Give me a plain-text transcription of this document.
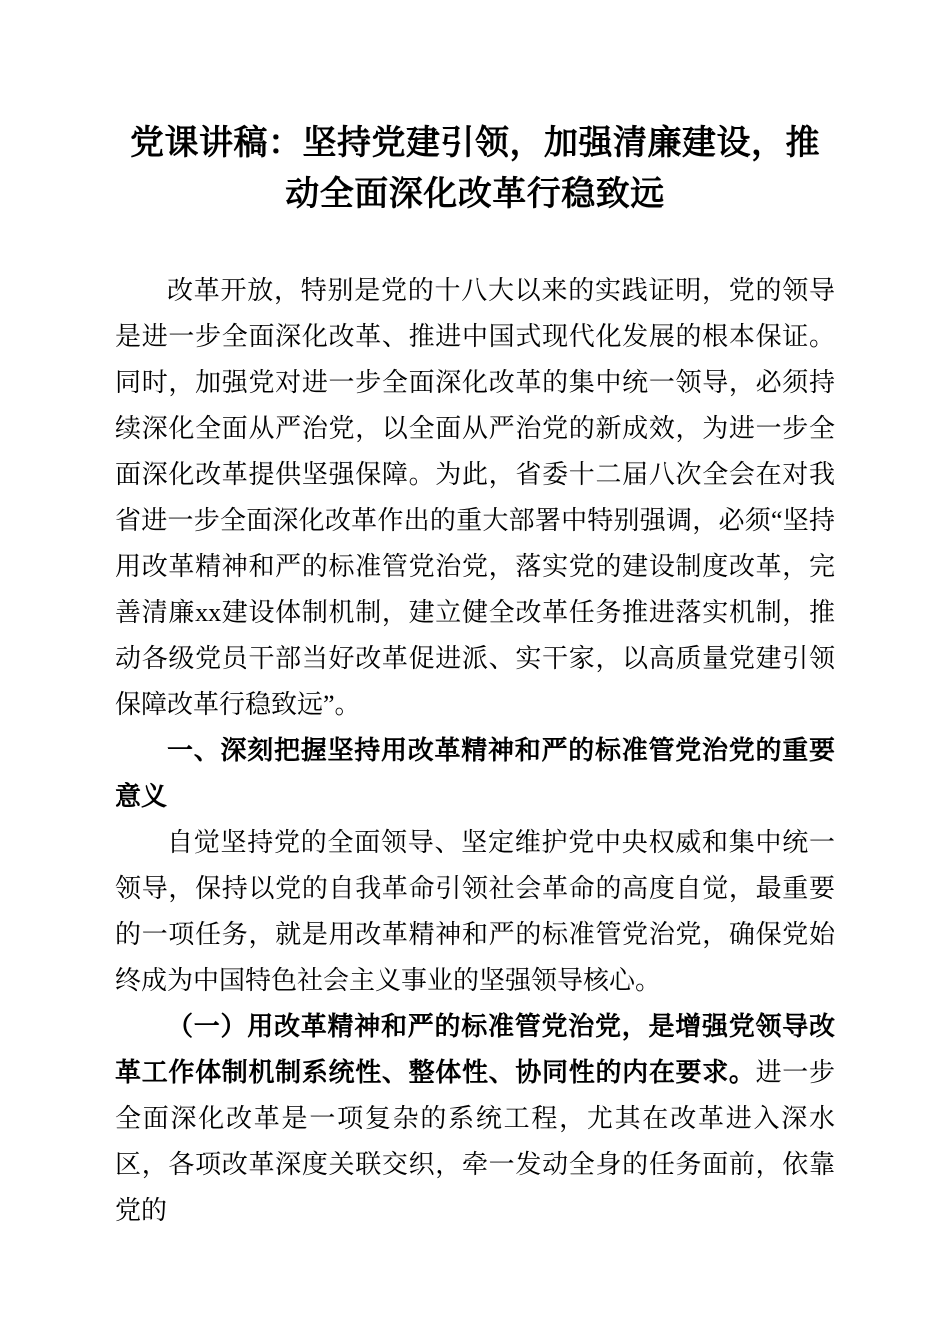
党课讲稿：坚持党建引领，加强清廉建设，推动全面深化改革行稳致远

改革开放，特别是党的十八大以来的实践证明，党的领导是进一步全面深化改革、推进中国式现代化发展的根本保证。同时，加强党对进一步全面深化改革的集中统一领导，必须持续深化全面从严治党，以全面从严治党的新成效，为进一步全面深化改革提供坚强保障。为此，省委十二届八次全会在对我省进一步全面深化改革作出的重大部署中特别强调，必须“坚持用改革精神和严的标准管党治党，落实党的建设制度改革，完善清廉xx建设体制机制，建立健全改革任务推进落实机制，推动各级党员干部当好改革促进派、实干家，以高质量党建引领保障改革行稳致远”。

一、深刻把握坚持用改革精神和严的标准管党治党的重要意义

自觉坚持党的全面领导、坚定维护党中央权威和集中统一领导，保持以党的自我革命引领社会革命的高度自觉，最重要的一项任务，就是用改革精神和严的标准管党治党，确保党始终成为中国特色社会主义事业的坚强领导核心。

（一）用改革精神和严的标准管党治党，是增强党领导改革工作体制机制系统性、整体性、协同性的内在要求。进一步全面深化改革是一项复杂的系统工程，尤其在改革进入深水区，各项改革深度关联交织，牵一发动全身的任务面前，依靠党的
